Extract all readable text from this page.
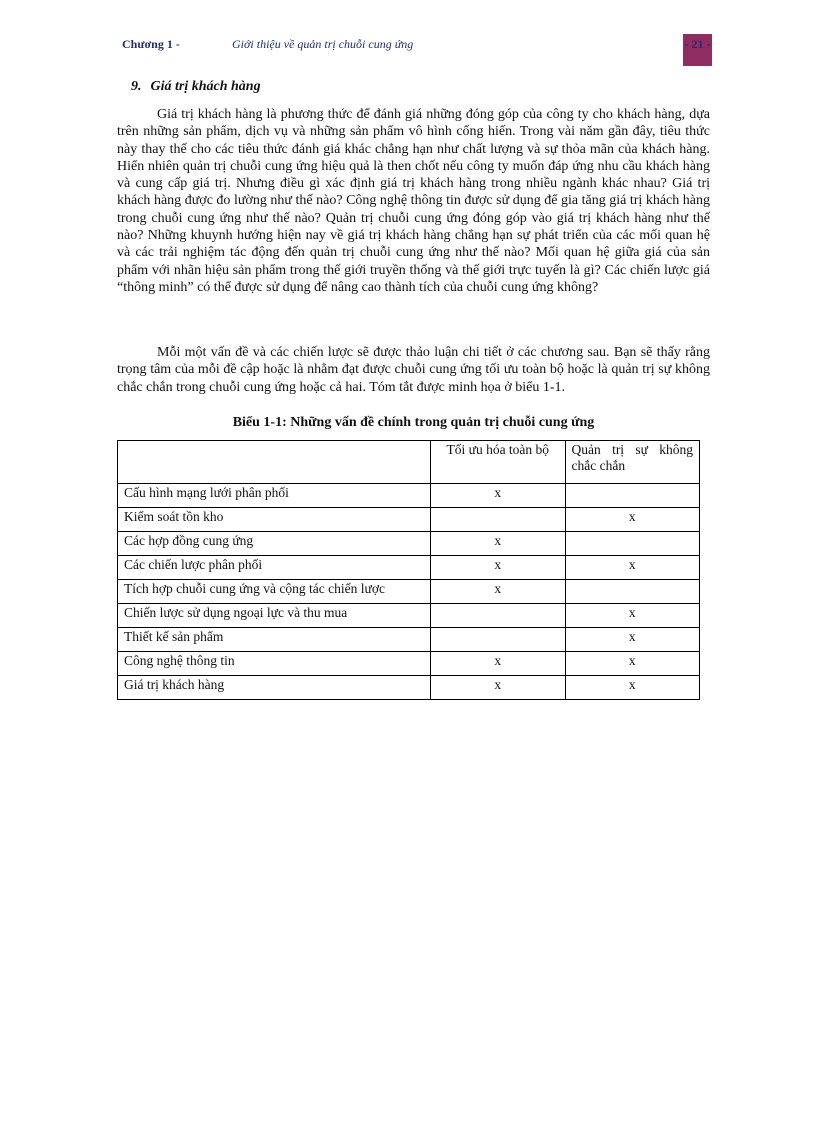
Chương 1 -	Giới thiệu về quản trị chuỗi cung ứng	- 21 -
9. Giá trị khách hàng

Giá trị khách hàng là phương thức để đánh giá những đóng góp của công ty cho khách hàng, dựa trên những sản phẩm, dịch vụ và những sản phẩm vô hình cống hiến. Trong vài năm gần đây, tiêu thức này thay thế cho các tiêu thức đánh giá khác chẳng hạn như chất lượng và sự thỏa mãn của khách hàng. Hiển nhiên quản trị chuỗi cung ứng hiệu quả là then chốt nếu công ty muốn đáp ứng nhu cầu khách hàng và cung cấp giá trị. Nhưng điều gì xác định giá trị khách hàng trong nhiều ngành khác nhau? Giá trị khách hàng được đo lường như thế nào? Công nghệ thông tin được sử dụng để gia tăng giá trị khách hàng trong chuỗi cung ứng như thế nào? Quản trị chuỗi cung ứng đóng góp vào giá trị khách hàng như thế nào? Những khuynh hướng hiện nay về giá trị khách hàng chẳng hạn sự phát triển của các mối quan hệ và các trải nghiệm tác động đến quản trị chuỗi cung ứng như thế nào? Mối quan hệ giữa giá của sản phẩm với nhãn hiệu sản phẩm trong thế giới truyền thống và thế giới trực tuyến là gì? Các chiến lược giá “thông minh” có thể được sử dụng để nâng cao thành tích của chuỗi cung ứng không?

Mỗi một vấn đề và các chiến lược sẽ được thảo luận chi tiết ở các chương sau. Bạn sẽ thấy rằng trọng tâm của mỗi đề cập hoặc là nhằm đạt được chuỗi cung ứng tối ưu toàn bộ hoặc là quản trị sự không chắc chắn trong chuỗi cung ứng hoặc cả hai. Tóm tắt được minh họa ở biểu 1-1.

Biểu 1-1: Những vấn đề chính trong quản trị chuỗi cung ứng
	Tối ưu hóa toàn bộ	Quản trị sự không chắc chắn
Cấu hình mạng lưới phân phối	x	
Kiểm soát tồn kho		x
Các hợp đồng cung ứng	x	
Các chiến lược phân phối	x	x
Tích hợp chuỗi cung ứng và cộng tác chiến lược	x	
Chiến lược sử dụng ngoại lực và thu mua		x
Thiết kế sản phẩm		x
Công nghệ thông tin	x	x
Giá trị khách hàng	x	x
